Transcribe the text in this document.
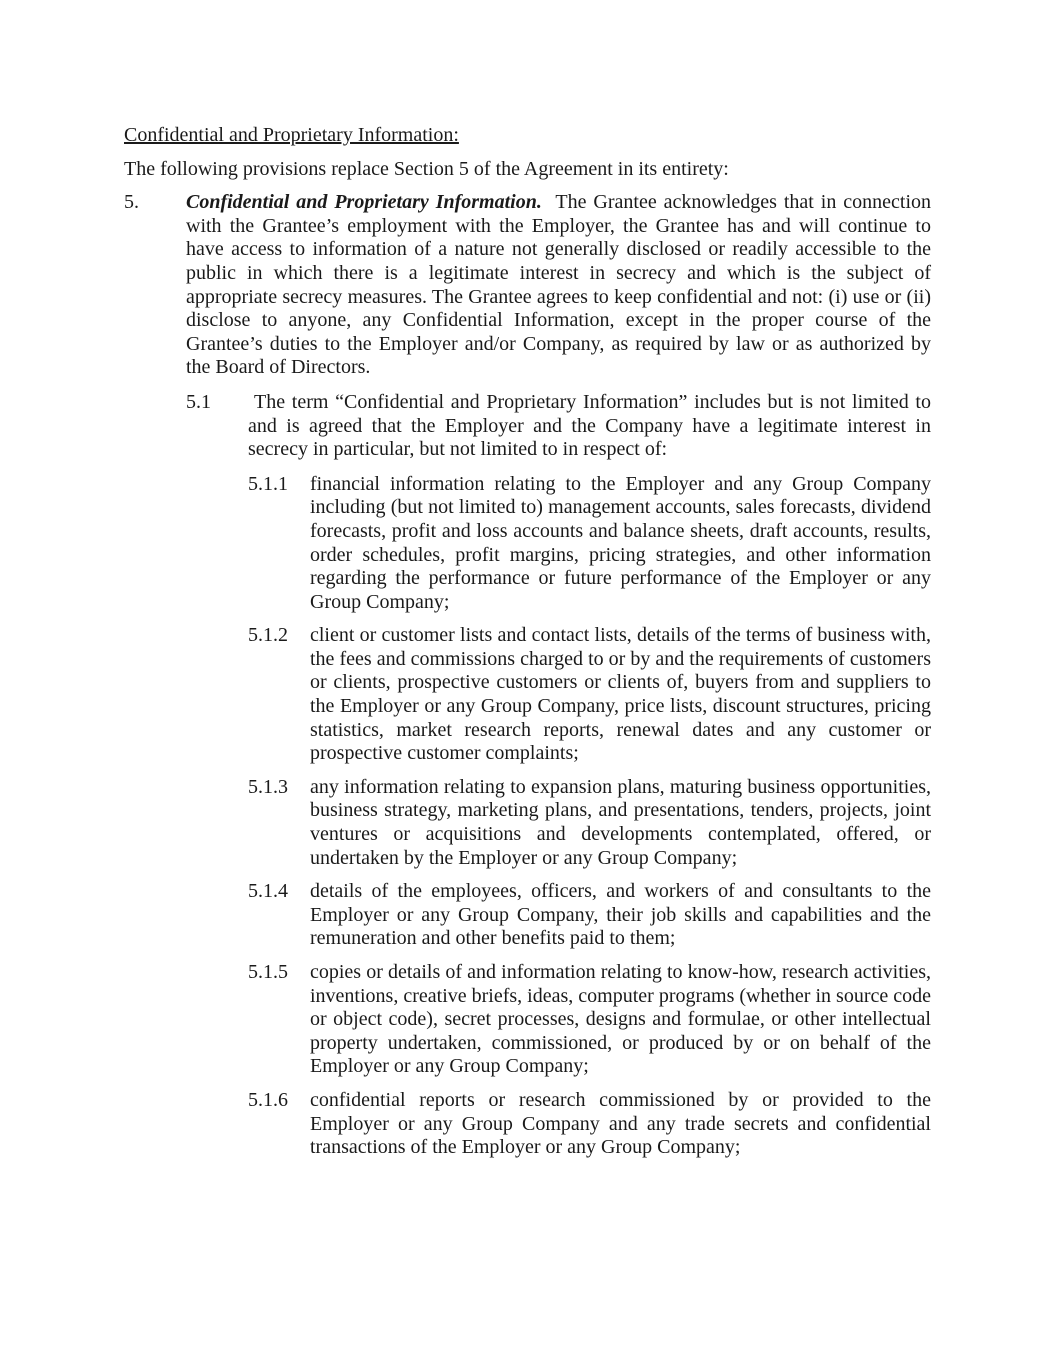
Confidential and Proprietary Information:

The following provisions replace Section 5 of the Agreement in its entirety:

5. Confidential and Proprietary Information. The Grantee acknowledges that in connection with the Grantee’s employment with the Employer, the Grantee has and will continue to have access to information of a nature not generally disclosed or readily accessible to the public in which there is a legitimate interest in secrecy and which is the subject of appropriate secrecy measures. The Grantee agrees to keep confidential and not: (i) use or (ii) disclose to anyone, any Confidential Information, except in the proper course of the Grantee’s duties to the Employer and/or Company, as required by law or as authorized by the Board of Directors.
5.1 The term “Confidential and Proprietary Information” includes but is not limited to and is agreed that the Employer and the Company have a legitimate interest in secrecy in particular, but not limited to in respect of:
5.1.1 financial information relating to the Employer and any Group Company including (but not limited to) management accounts, sales forecasts, dividend forecasts, profit and loss accounts and balance sheets, draft accounts, results, order schedules, profit margins, pricing strategies, and other information regarding the performance or future performance of the Employer or any Group Company;
5.1.2 client or customer lists and contact lists, details of the terms of business with, the fees and commissions charged to or by and the requirements of customers or clients, prospective customers or clients of, buyers from and suppliers to the Employer or any Group Company, price lists, discount structures, pricing statistics, market research reports, renewal dates and any customer or prospective customer complaints;
5.1.3 any information relating to expansion plans, maturing business opportunities, business strategy, marketing plans, and presentations, tenders, projects, joint ventures or acquisitions and developments contemplated, offered, or undertaken by the Employer or any Group Company;
5.1.4 details of the employees, officers, and workers of and consultants to the Employer or any Group Company, their job skills and capabilities and the remuneration and other benefits paid to them;
5.1.5 copies or details of and information relating to know-how, research activities, inventions, creative briefs, ideas, computer programs (whether in source code or object code), secret processes, designs and formulae, or other intellectual property undertaken, commissioned, or produced by or on behalf of the Employer or any Group Company;
5.1.6 confidential reports or research commissioned by or provided to the Employer or any Group Company and any trade secrets and confidential transactions of the Employer or any Group Company;
